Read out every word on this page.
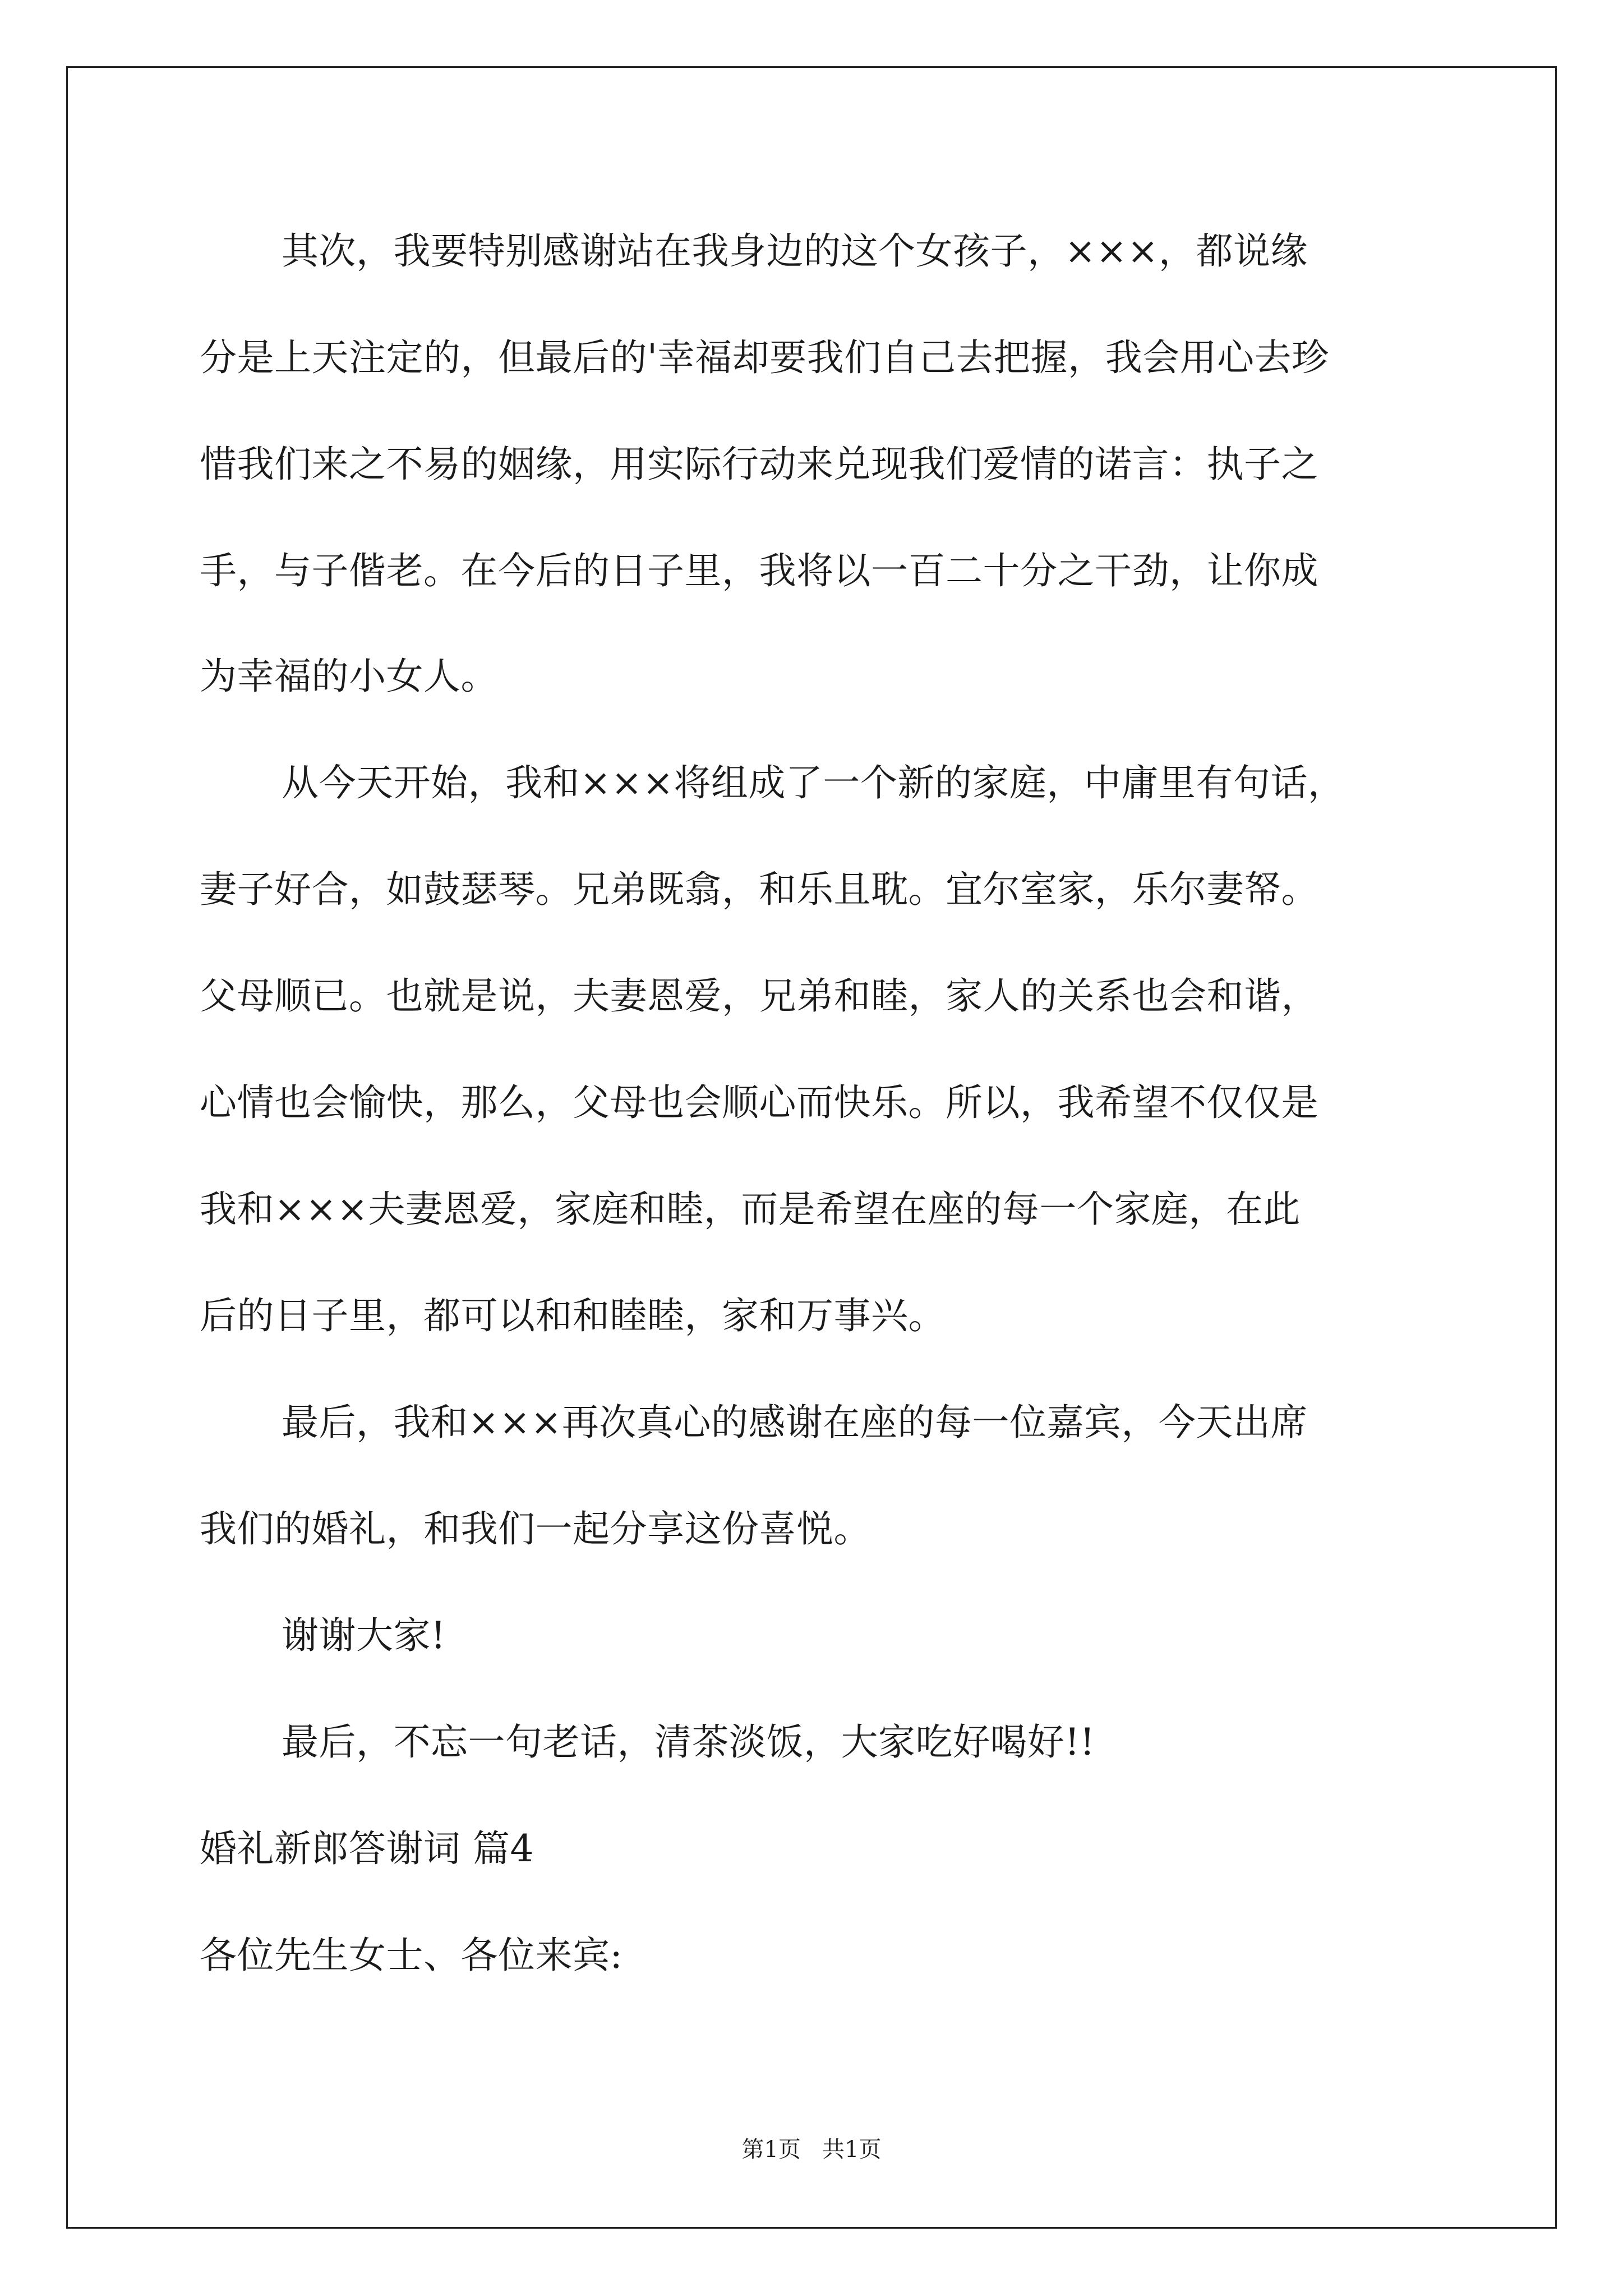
其次，我要特别感谢站在我身边的这个女孩子，×××，都说缘
分是上天注定的，但最后的'幸福却要我们自己去把握，我会用心去珍
惜我们来之不易的姻缘，用实际行动来兑现我们爱情的诺言：执子之
手，与子偕老。在今后的日子里，我将以一百二十分之干劲，让你成
为幸福的小女人。
从今天开始，我和×××将组成了一个新的家庭，中庸里有句话，
妻子好合，如鼓瑟琴。兄弟既翕，和乐且耽。宜尔室家，乐尔妻帑。
父母顺已。也就是说，夫妻恩爱，兄弟和睦，家人的关系也会和谐，
心情也会愉快，那么，父母也会顺心而快乐。所以，我希望不仅仅是
我和×××夫妻恩爱，家庭和睦，而是希望在座的每一个家庭，在此
后的日子里，都可以和和睦睦，家和万事兴。
最后，我和×××再次真心的感谢在座的每一位嘉宾，今天出席
我们的婚礼，和我们一起分享这份喜悦。
谢谢大家!
最后，不忘一句老话，清茶淡饭，大家吃好喝好!!
婚礼新郎答谢词 篇4
各位先生女士、各位来宾:
第1页   共1页
